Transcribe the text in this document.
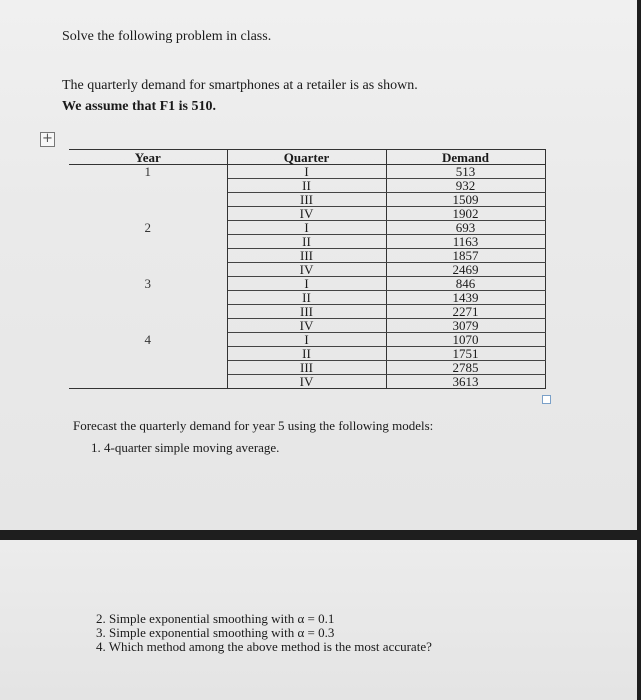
Solve the following problem in class.
The quarterly demand for smartphones at a retailer is as shown.
We assume that F1 is 510.
+
Year	Quarter	Demand
1	I	513
	II	932
	III	1509
	IV	1902
2	I	693
	II	1163
	III	1857
	IV	2469
3	I	846
	II	1439
	III	2271
	IV	3079
4	I	1070
	II	1751
	III	2785
	IV	3613
Forecast the quarterly demand for year 5 using the following models:
1. 4-quarter simple moving average.
2. Simple exponential smoothing with α = 0.1
3. Simple exponential smoothing with α = 0.3
4. Which method among the above method is the most accurate?
